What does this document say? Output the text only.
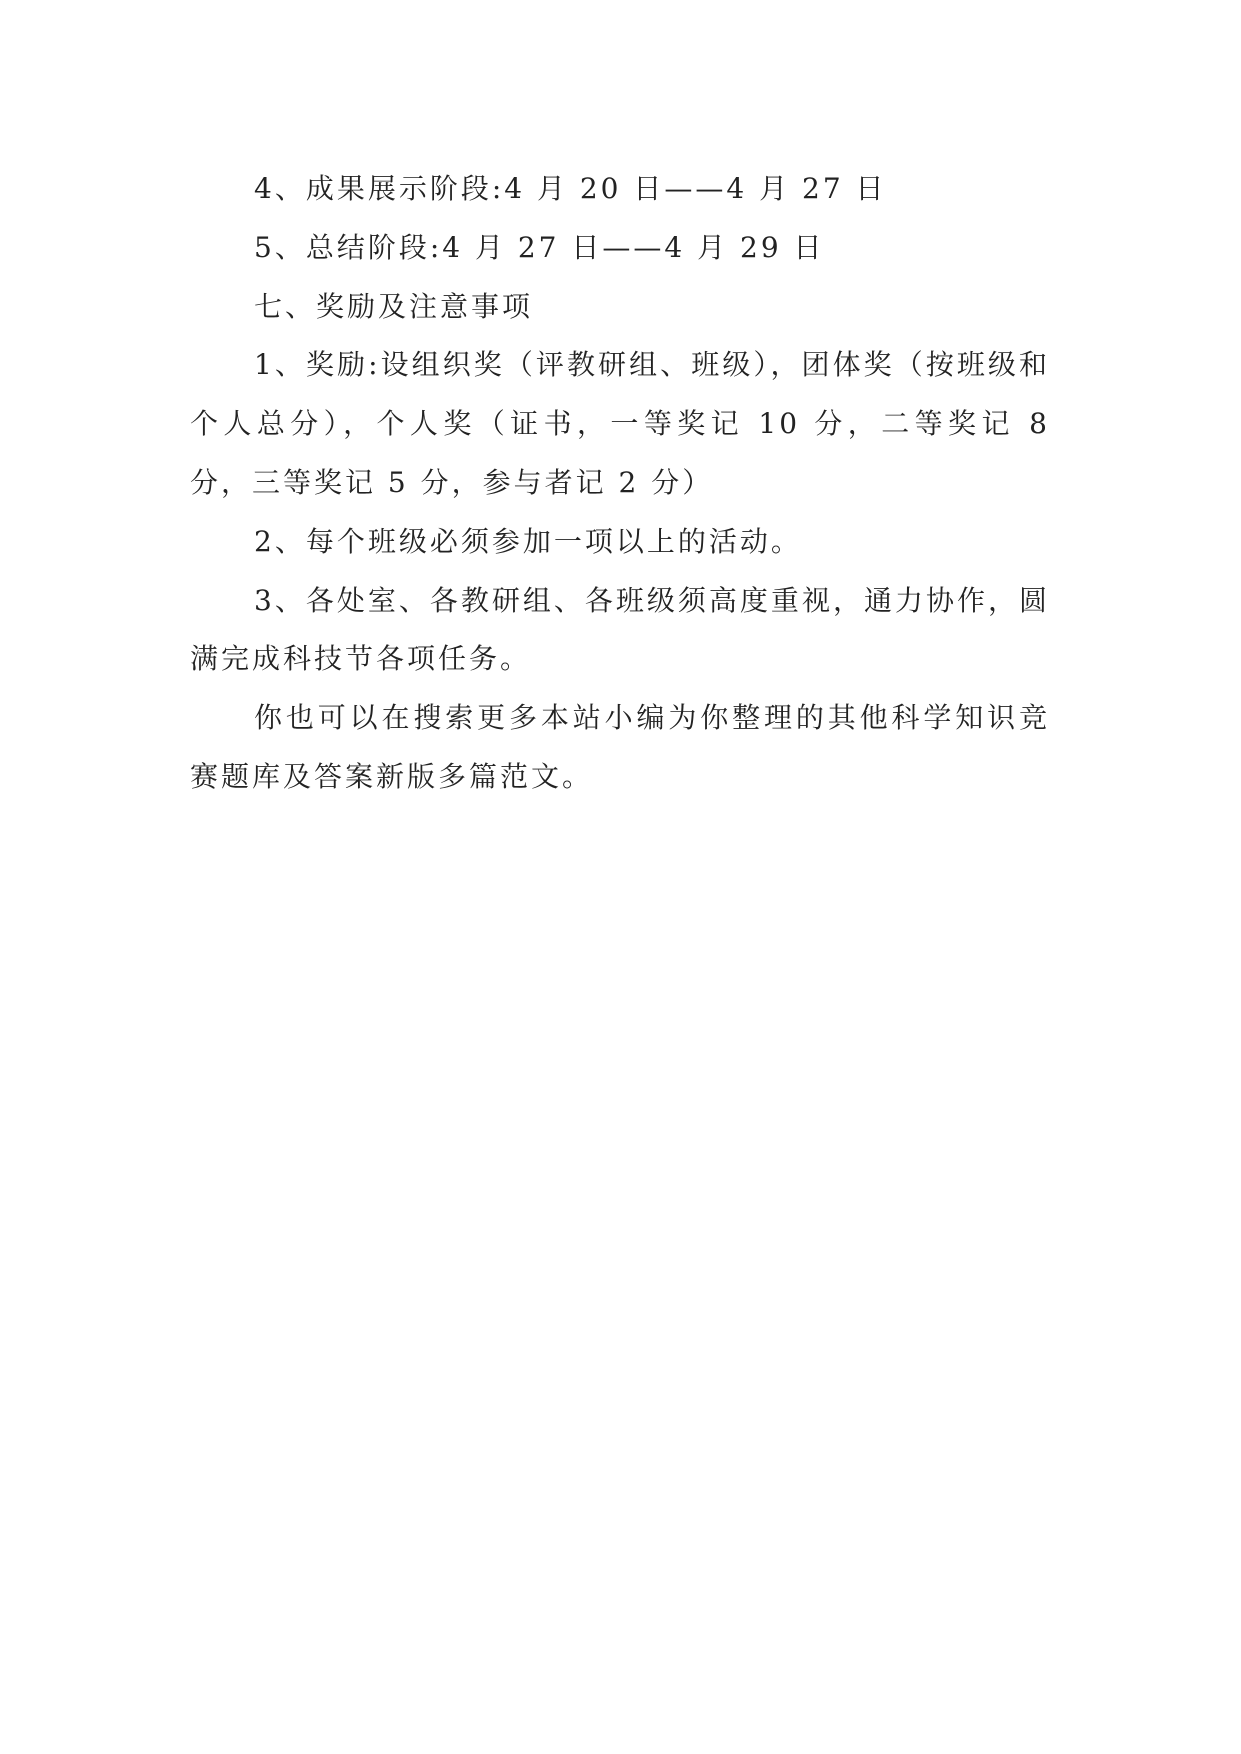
4、成果展示阶段:4 月 20 日——4 月 27 日

5、总结阶段:4 月 27 日——4 月 29 日

七、奖励及注意事项

1、奖励:设组织奖（评教研组、班级），团体奖（按班级和个人总分），个人奖（证书，一等奖记 10 分，二等奖记 8 分，三等奖记 5 分，参与者记 2 分）

2、每个班级必须参加一项以上的活动。

3、各处室、各教研组、各班级须高度重视，通力协作，圆满完成科技节各项任务。

你也可以在搜索更多本站小编为你整理的其他科学知识竞赛题库及答案新版多篇范文。
